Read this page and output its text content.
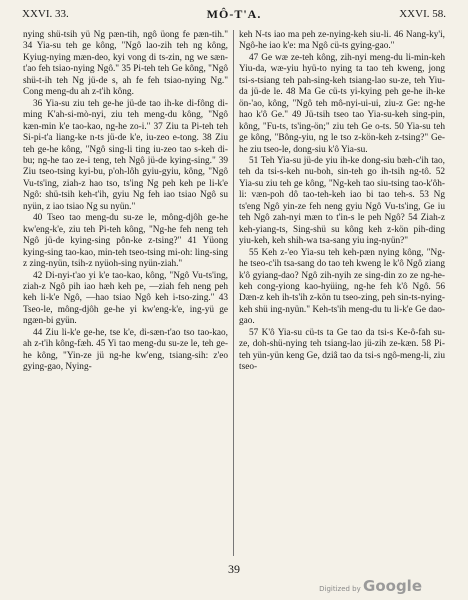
XXVI. 33.	MÔ-T'A.	XXVI. 58.

nying shü-tsih yü Ng pæn-tih, ngô üong fe pæn-tih." 34 Yia-su teh ge kông, "Ngô lao-zih teh ng kông, Kyiug-nying mæn-deo, kyi vong di ts-zin, ng we sæn-t'ao feh tsiao-nying Ngô." 35 Pi-teh teh Ge kông, "Ngô shü-t-ih teh Ng jü-de s, ah fe feh tsiao-nying Ng." Cong meng-du ah z-t'ih kông.

36 Yia-su ziu teh ge-he jü-de tao ih-ke di-fông di-ming K'ah-si-mò-nyi, ziu teh meng-du kông, "Ngô kæn-min k'e tao-kao, ng-he zo-i." 37 Ziu ta Pi-teh teh Si-pi-t'a liang-ke n-ts jü-de k'e, iu-zeo e-tong. 38 Ziu teh ge-he kông, "Ngô sing-li ting iu-zeo tao s-keh di-bu; ng-he tao ze-i teng, teh Ngô jü-de kying-sing." 39 Ziu tseo-tsing kyi-bu, p'oh-lôh gyiu-gyiu, kông, "Ngô Vu-ts'ing, ziah-z hao tso, ts'ing Ng peh keh pe li-k'e Ngô: shü-tsih keh-t'ih, gyiu Ng feh iao tsiao Ngô su nyün, z iao tsiao Ng su nyün."

40 Tseo tao meng-du su-ze le, mông-djôh ge-he kw'eng-k'e, ziu teh Pi-teh kông, "Ng-he feh neng teh Ngô jü-de kying-sing pôn-ke z-tsing?" 41 Yüong kying-sing tao-kao, min-teh tseo-tsing mi-oh: ling-sing z zing-nyün, tsih-z nyüoh-sing nyün-ziah."

42 Di-nyi-t'ao yi k'e tao-kao, kông, "Ngô Vu-ts'ing, ziah-z Ngô pih iao hæh keh pe, —ziah feh neng peh keh li-k'e Ngô, —hao tsiao Ngô keh i-tso-zing." 43 Tseo-le, mông-djôh ge-he yi kw'eng-k'e, ing-yü ge ngæn-bi gyün.

44 Ziu li-k'e ge-he, tse k'e, di-sæn-t'ao tso tao-kao, ah z-t'ih kông-fæh. 45 Yi tao meng-du su-ze le, teh ge-he kông, "Yin-ze jü ng-he kw'eng, tsiang-sih: z'eo gying-gao, Nying-

keh N-ts iao ma peh ze-nying-keh siu-li. 46 Nang-ky'i, Ngô-he iao k'e: ma Ngô cü-ts gying-gao."

47 Ge wæ ze-teh kông, zih-nyi meng-du li-min-keh Yiu-da, wæ-yiu hyü-to nying ta tao teh kweng, jong tsi-s-tsiang teh pah-sing-keh tsiang-lao su-ze, teh Yiu-da jü-de le. 48 Ma Ge cü-ts yi-kying peh ge-he ih-ke ön-'ao, kông, "Ngô teh mô-nyi-ui-ui, ziu-z Ge: ng-he hao k'ô Ge." 49 Jü-tsih tseo tao Yia-su-keh sing-pin, kông, "Fu-ts, ts'ing-ön;" ziu teh Ge o-ts. 50 Yia-su teh ge kông, "Bông-yiu, ng le tso z-kön-keh z-tsing?" Ge-he ziu tseo-le, dong-siu k'ô Yia-su.

51 Teh Yia-su jü-de yiu ih-ke dong-siu bæh-c'ih tao, teh da tsi-s-keh nu-boh, sin-teh go ih-tsih ng-tô. 52 Yia-su ziu teh ge kông, "Ng-keh tao siu-tsing tao-k'ôh-li: væn-poh dô tao-teh-keh iao bi tao teh-s. 53 Ng ts'eng Ngô yin-ze feh neng gyiu Ngô Vu-ts'ing, Ge iu teh Ngô zah-nyi mæn to t'in-s le peh Ngô? 54 Ziah-z keh-yiang-ts, Sing-shü su kông keh z-kön pih-ding yiu-keh, keh shih-wa tsa-sang yiu ing-nyün?"

55 Keh z-'eo Yia-su teh keh-pæn nying kông, "Ng-he tseo-c'ih tsa-sang do tao teh kweng le k'ô Ngô ziang k'ô gyiang-dao? Ngô zih-nyih ze sing-din zo ze ng-he-keh cong-yiong kao-hyüing, ng-he feh k'ô Ngô. 56 Dæn-z keh ih-ts'ih z-kön tu tseo-zing, peh sin-ts-nying-keh shü ing-nyün." Keh-ts'ih meng-du tu li-k'e Ge dao-gao.

57 K'ô Yia-su cü-ts ta Ge tao da tsi-s Ke-ô-fah su-ze, doh-shü-nying teh tsiang-lao jü-zih ze-kæn. 58 Pi-teh yün-yün keng Ge, dziâ tao da tsi-s ngô-meng-li, ziu tseo-

39
Digitized by Google
